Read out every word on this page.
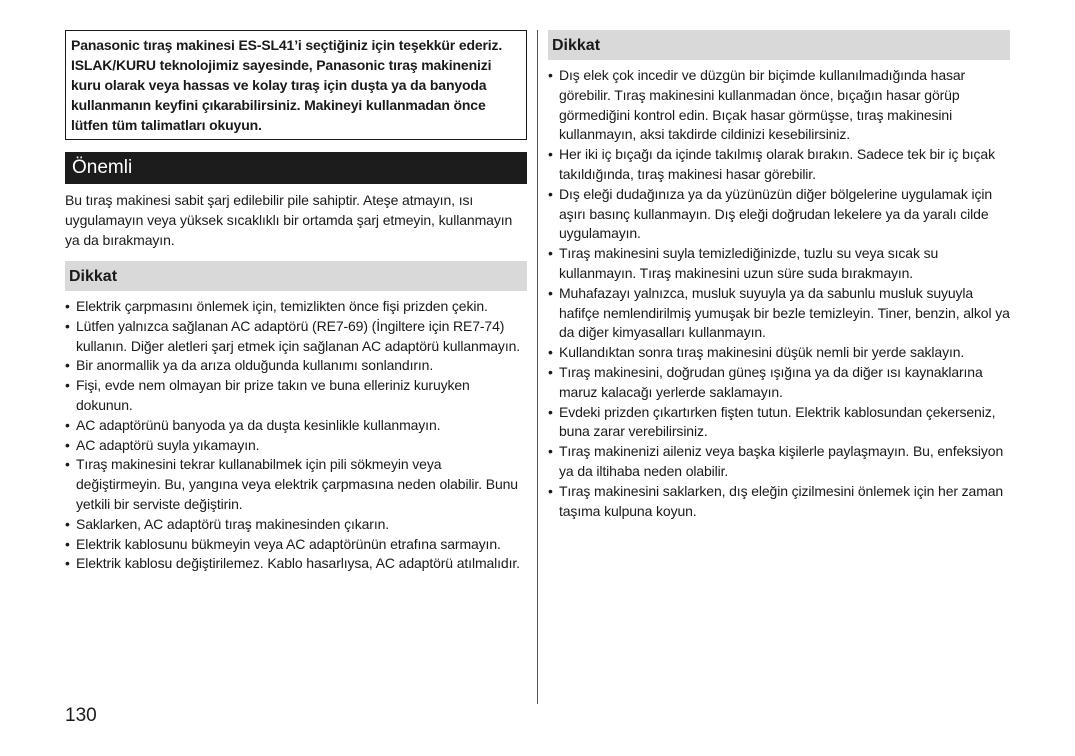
Panasonic tıraş makinesi ES-SL41’i seçtiğiniz için teşekkür ederiz. ISLAK/KURU teknolojimiz sayesinde, Panasonic tıraş makinenizi kuru olarak veya hassas ve kolay tıraş için duşta ya da banyoda kullanmanın keyfini çıkarabilirsiniz. Makineyi kullanmadan önce lütfen tüm talimatları okuyun.
Önemli

Bu tıraş makinesi sabit şarj edilebilir pile sahiptir. Ateşe atmayın, ısı uygulamayın veya yüksek sıcaklıklı bir ortamda şarj etmeyin, kullanmayın ya da bırakmayın.

Dikkat
• Elektrik çarpmasını önlemek için, temizlikten önce fişi prizden çekin.
• Lütfen yalnızca sağlanan AC adaptörü (RE7-69) (İngiltere için RE7-74) kullanın. Diğer aletleri şarj etmek için sağlanan AC adaptörü kullanmayın.
• Bir anormallik ya da arıza olduğunda kullanımı sonlandırın.
• Fişi, evde nem olmayan bir prize takın ve buna elleriniz kuruyken dokunun.
• AC adaptörünü banyoda ya da duşta kesinlikle kullanmayın.
• AC adaptörü suyla yıkamayın.
• Tıraş makinesini tekrar kullanabilmek için pili sökmeyin veya değiştirmeyin. Bu, yangına veya elektrik çarpmasına neden olabilir. Bunu yetkili bir serviste değiştirin.
• Saklarken, AC adaptörü tıraş makinesinden çıkarın.
• Elektrik kablosunu bükmeyin veya AC adaptörünün etrafına sarmayın.
• Elektrik kablosu değiştirilemez. Kablo hasarlıysa, AC adaptörü atılmalıdır.
Dikkat
• Dış elek çok incedir ve düzgün bir biçimde kullanılmadığında hasar görebilir. Tıraş makinesini kullanmadan önce, bıçağın hasar görüp görmediğini kontrol edin. Bıçak hasar görmüşse, tıraş makinesini kullanmayın, aksi takdirde cildinizi kesebilirsiniz.
• Her iki iç bıçağı da içinde takılmış olarak bırakın. Sadece tek bir iç bıçak takıldığında, tıraş makinesi hasar görebilir.
• Dış eleği dudağınıza ya da yüzünüzün diğer bölgelerine uygulamak için aşırı basınç kullanmayın. Dış eleği doğrudan lekelere ya da yaralı cilde uygulamayın.
• Tıraş makinesini suyla temizlediğinizde, tuzlu su veya sıcak su kullanmayın. Tıraş makinesini uzun süre suda bırakmayın.
• Muhafazayı yalnızca, musluk suyuyla ya da sabunlu musluk suyuyla hafifçe nemlendirilmiş yumuşak bir bezle temizleyin. Tiner, benzin, alkol ya da diğer kimyasalları kullanmayın.
• Kullandıktan sonra tıraş makinesini düşük nemli bir yerde saklayın.
• Tıraş makinesini, doğrudan güneş ışığına ya da diğer ısı kaynaklarına maruz kalacağı yerlerde saklamayın.
• Evdeki prizden çıkartırken fişten tutun. Elektrik kablosundan çekerseniz, buna zarar verebilirsiniz.
• Tıraş makinenizi aileniz veya başka kişilerle paylaşmayın. Bu, enfeksiyon ya da iltihaba neden olabilir.
• Tıraş makinesini saklarken, dış eleğin çizilmesini önlemek için her zaman taşıma kulpuna koyun.
130
